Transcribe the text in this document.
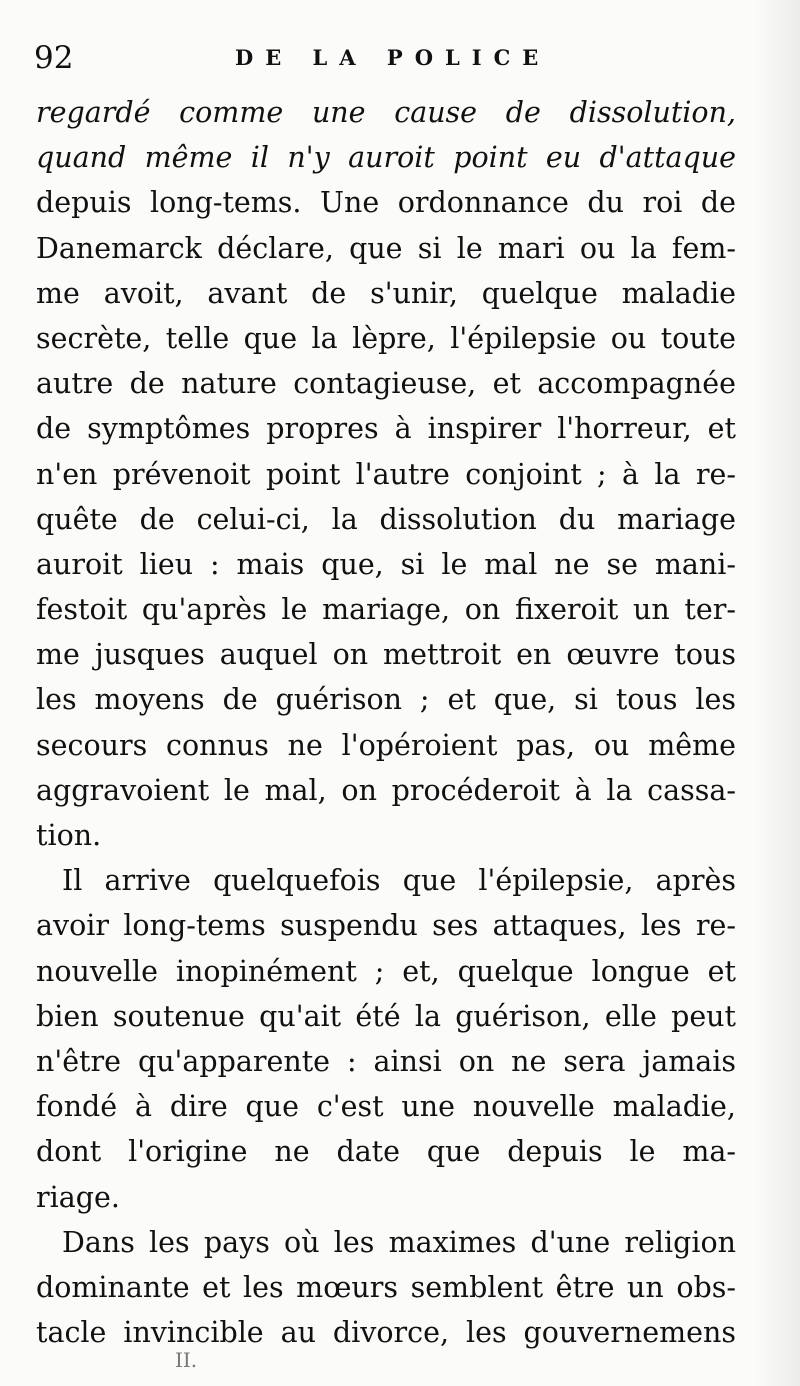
92	DE LA POLICE
regardé comme une cause de dissolution,
quand même il n'y auroit point eu d'attaque
depuis long-tems. Une ordonnance du roi de
Danemarck déclare, que si le mari ou la fem-
me avoit, avant de s'unir, quelque maladie
secrète, telle que la lèpre, l'épilepsie ou toute
autre de nature contagieuse, et accompagnée
de symptômes propres à inspirer l'horreur, et
n'en prévenoit point l'autre conjoint ; à la re-
quête de celui-ci, la dissolution du mariage
auroit lieu : mais que, si le mal ne se mani-
festoit qu'après le mariage, on fixeroit un ter-
me jusques auquel on mettroit en œuvre tous
les moyens de guérison ; et que, si tous les
secours connus ne l'opéroient pas, ou même
aggravoient le mal, on procéderoit à la cassa-
tion.
Il arrive quelquefois que l'épilepsie, après
avoir long-tems suspendu ses attaques, les re-
nouvelle inopinément ; et, quelque longue et
bien soutenue qu'ait été la guérison, elle peut
n'être qu'apparente : ainsi on ne sera jamais
fondé à dire que c'est une nouvelle maladie,
dont l'origine ne date que depuis le ma-
riage.
Dans les pays où les maximes d'une religion
dominante et les mœurs semblent être un obs-
tacle invincible au divorce, les gouvernemens
II.
